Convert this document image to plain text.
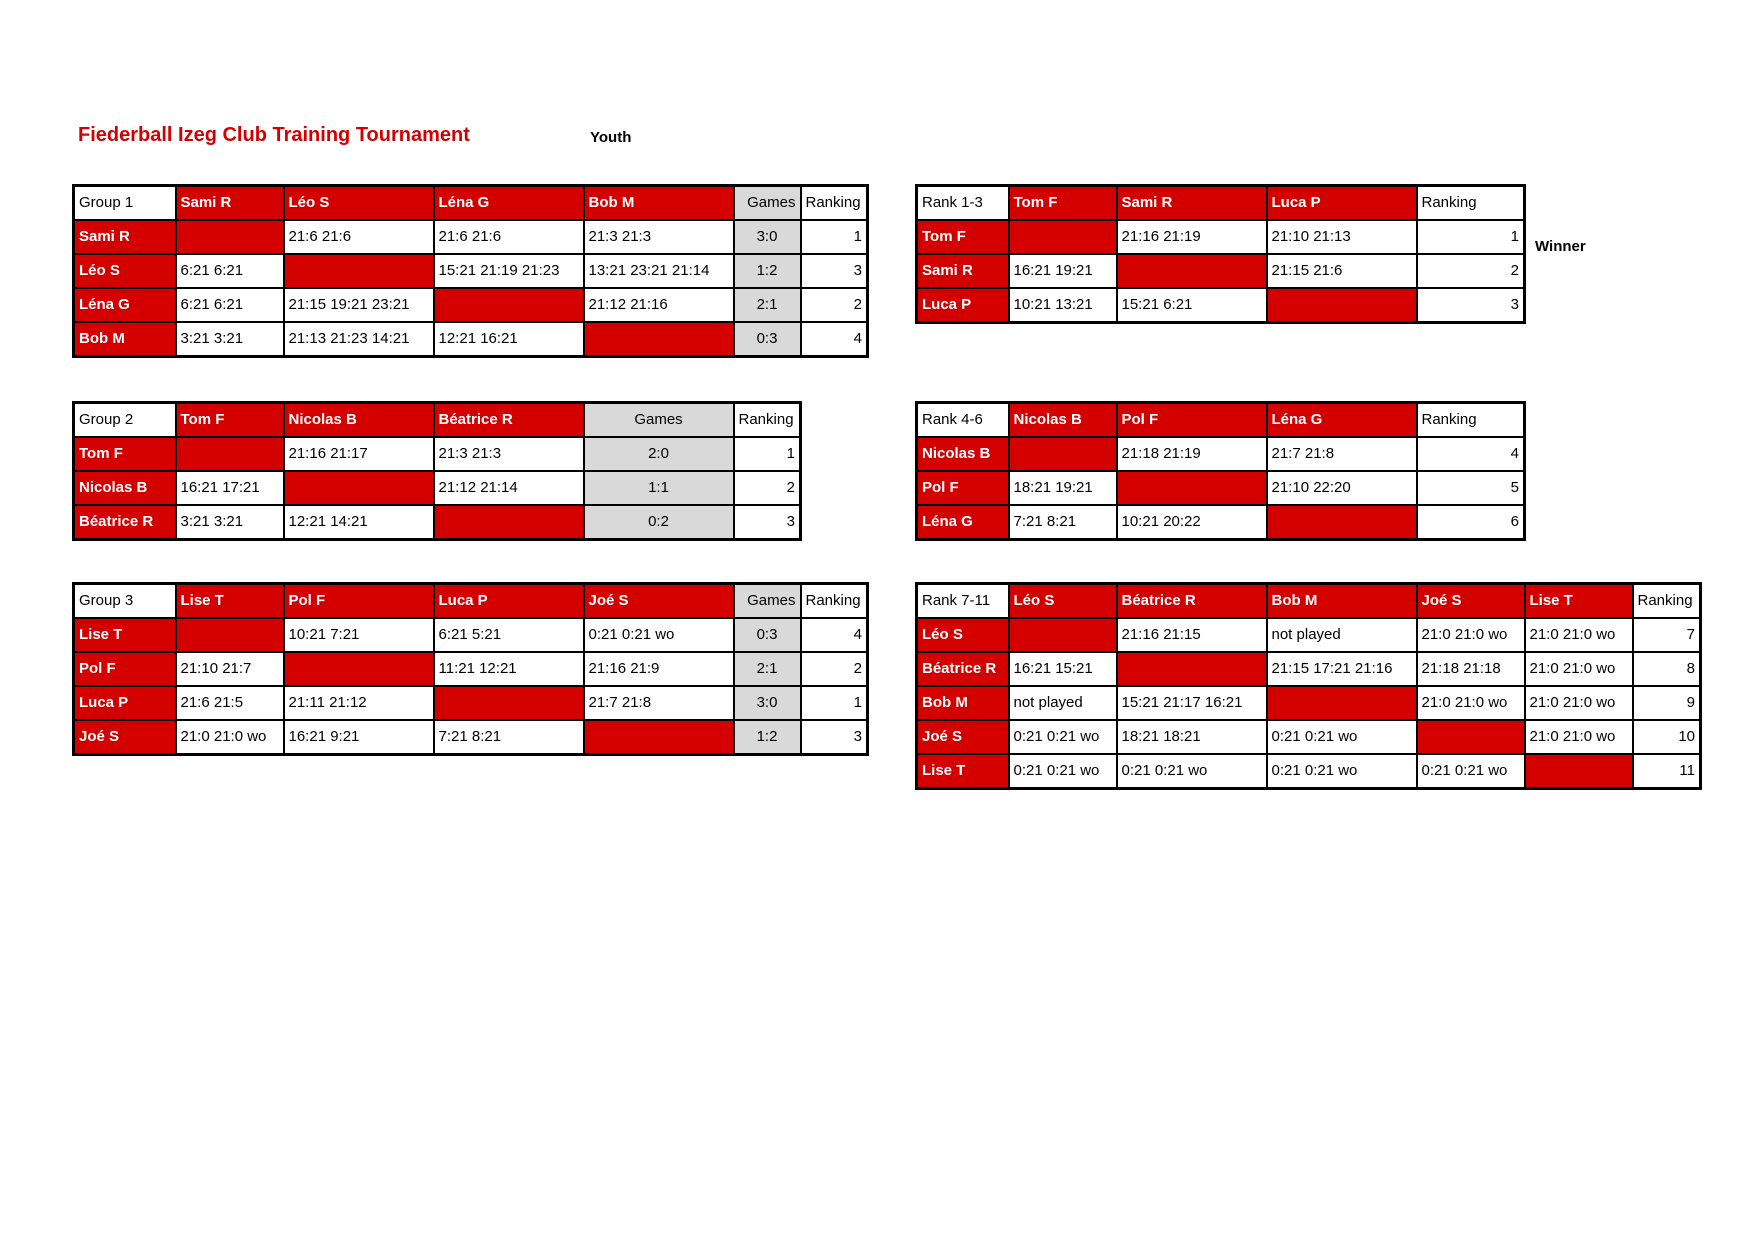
Fiederball Izeg Club Training Tournament	Youth
Winner
Group 1	Sami R	Léo S	Léna G	Bob M	Games	Ranking
Sami R		21:6 21:6	21:6 21:6	21:3 21:3	3:0	1
Léo S	6:21 6:21		15:21 21:19 21:23	13:21 23:21 21:14	1:2	3
Léna G	6:21 6:21	21:15 19:21 23:21		21:12 21:16	2:1	2
Bob M	3:21 3:21	21:13 21:23 14:21	12:21 16:21		0:3	4
Group 2	Tom F	Nicolas B	Béatrice R	Games	Ranking
Tom F		21:16 21:17	21:3 21:3	2:0	1
Nicolas B	16:21 17:21		21:12 21:14	1:1	2
Béatrice R	3:21 3:21	12:21 14:21		0:2	3
Group 3	Lise T	Pol F	Luca P	Joé S	Games	Ranking
Lise T		10:21 7:21	6:21 5:21	0:21 0:21 wo	0:3	4
Pol F	21:10 21:7		11:21 12:21	21:16 21:9	2:1	2
Luca P	21:6 21:5	21:11 21:12		21:7 21:8	3:0	1
Joé S	21:0 21:0 wo	16:21 9:21	7:21 8:21		1:2	3
Rank 1-3	Tom F	Sami R	Luca P	Ranking
Tom F		21:16 21:19	21:10 21:13	1
Sami R	16:21 19:21		21:15 21:6	2
Luca P	10:21 13:21	15:21 6:21		3
Rank 4-6	Nicolas B	Pol F	Léna G	Ranking
Nicolas B		21:18 21:19	21:7 21:8	4
Pol F	18:21 19:21		21:10 22:20	5
Léna G	7:21 8:21	10:21 20:22		6
Rank 7-11	Léo S	Béatrice R	Bob M	Joé S	Lise T	Ranking
Léo S		21:16 21:15	not played	21:0 21:0 wo	21:0 21:0 wo	7
Béatrice R	16:21 15:21		21:15 17:21 21:16	21:18 21:18	21:0 21:0 wo	8
Bob M	not played	15:21 21:17 16:21		21:0 21:0 wo	21:0 21:0 wo	9
Joé S	0:21 0:21 wo	18:21 18:21	0:21 0:21 wo		21:0 21:0 wo	10
Lise T	0:21 0:21 wo	0:21 0:21 wo	0:21 0:21 wo	0:21 0:21 wo		11
